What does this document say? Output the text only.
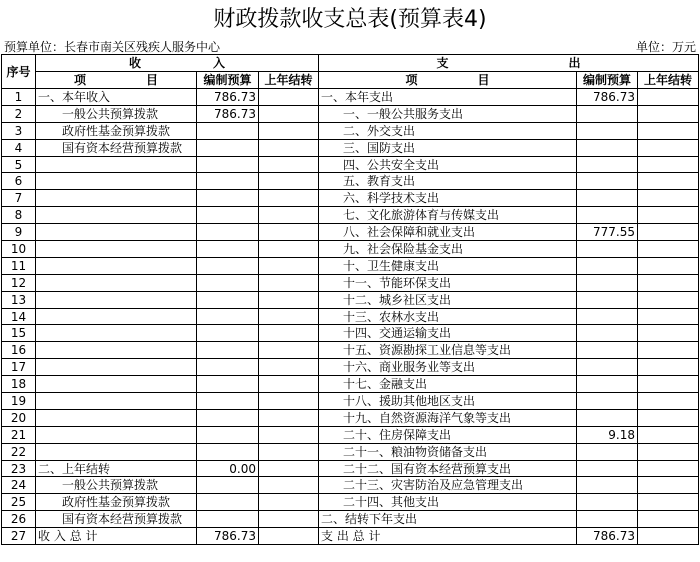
财政拨款收支总表(预算表4)
预算单位：长春市南关区残疾人服务中心	单位：万元
序号	收　　　　　　入			支　　　　　　　　　　出		
	项　　　　　目	编制预算	上年结转	项　　　　　目	编制预算	上年结转
1	一、本年收入	786.73		一、本年支出	786.73	
2	一般公共预算拨款	786.73		一、一般公共服务支出		
3	政府性基金预算拨款			二、外交支出		
4	国有资本经营预算拨款			三、国防支出		
5				四、公共安全支出		
6				五、教育支出		
7				六、科学技术支出		
8				七、文化旅游体育与传媒支出		
9				八、社会保障和就业支出	777.55	
10				九、社会保险基金支出		
11				十、卫生健康支出		
12				十一、节能环保支出		
13				十二、城乡社区支出		
14				十三、农林水支出		
15				十四、交通运输支出		
16				十五、资源勘探工业信息等支出		
17				十六、商业服务业等支出		
18				十七、金融支出		
19				十八、援助其他地区支出		
20				十九、自然资源海洋气象等支出		
21				二十、住房保障支出	9.18	
22				二十一、粮油物资储备支出		
23	二、上年结转	0.00		二十二、国有资本经营预算支出		
24	一般公共预算拨款			二十三、灾害防治及应急管理支出		
25	政府性基金预算拨款			二十四、其他支出		
26	国有资本经营预算拨款			二、结转下年支出		
27	收 入 总 计	786.73		支 出 总 计	786.73	
